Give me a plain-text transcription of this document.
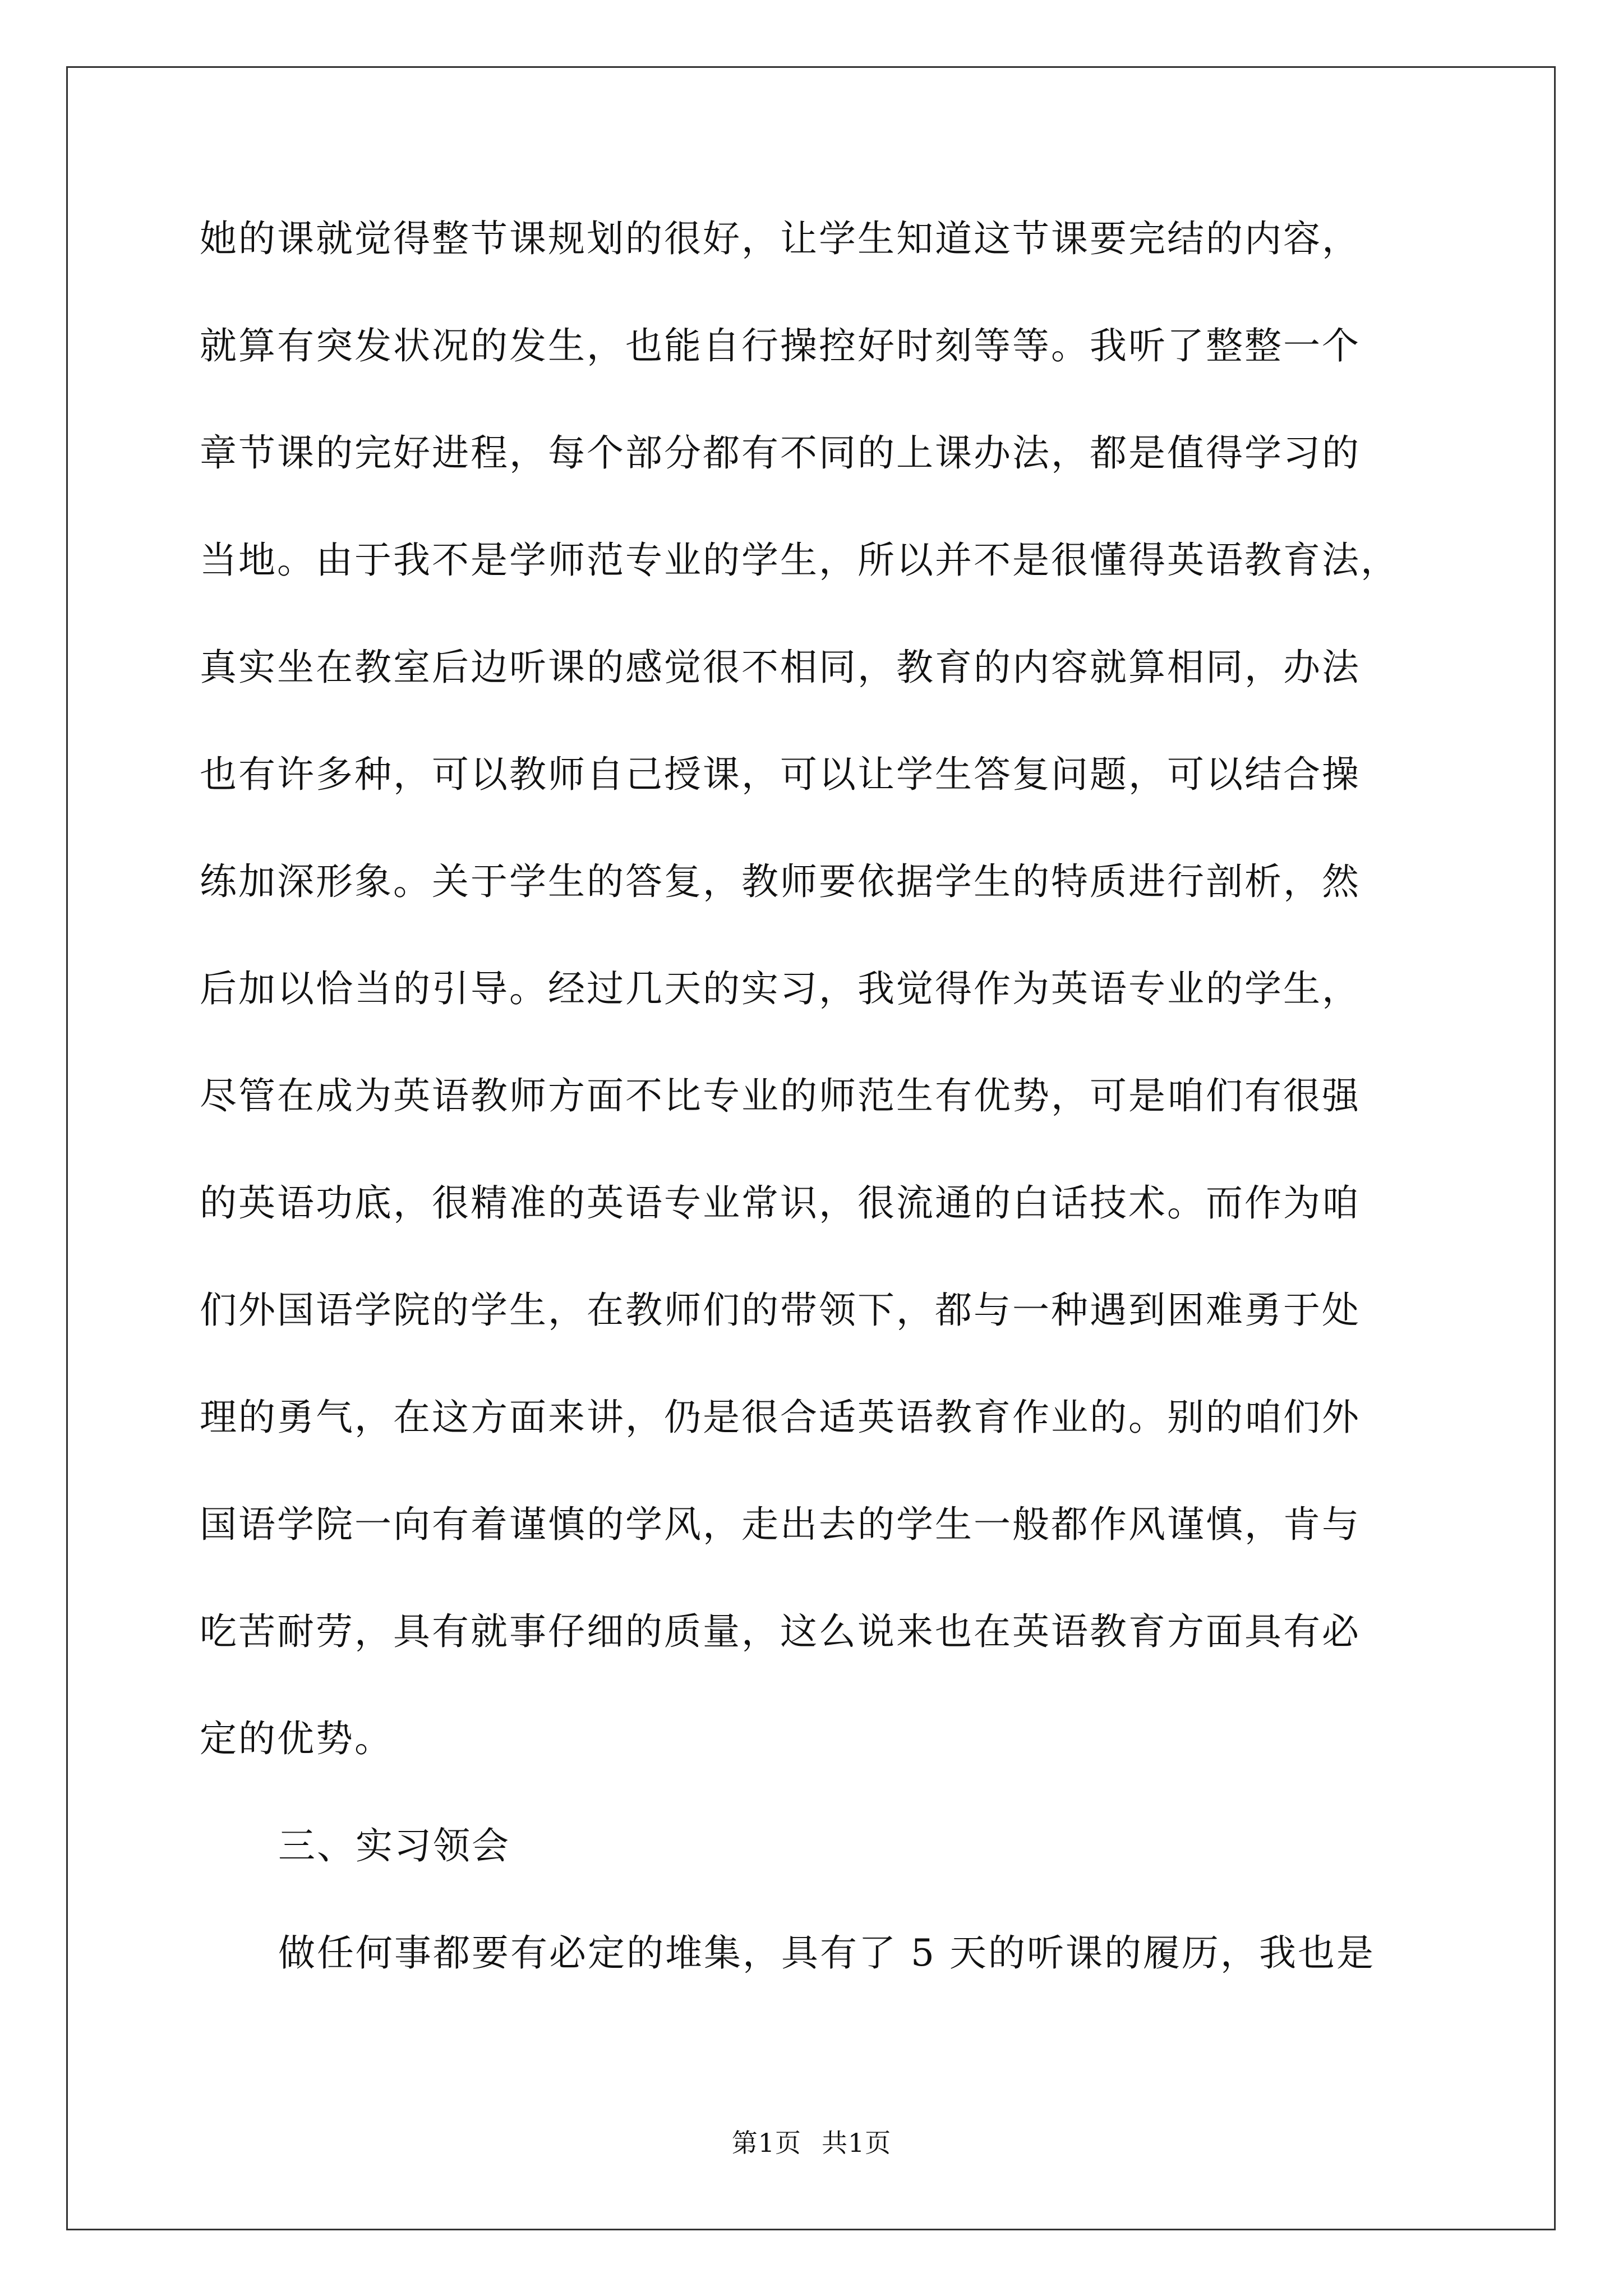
她的课就觉得整节课规划的很好，让学生知道这节课要完结的内容，
就算有突发状况的发生，也能自行操控好时刻等等。我听了整整一个
章节课的完好进程，每个部分都有不同的上课办法，都是值得学习的
当地。由于我不是学师范专业的学生，所以并不是很懂得英语教育法，
真实坐在教室后边听课的感觉很不相同，教育的内容就算相同，办法
也有许多种，可以教师自己授课，可以让学生答复问题，可以结合操
练加深形象。关于学生的答复，教师要依据学生的特质进行剖析，然
后加以恰当的引导。经过几天的实习，我觉得作为英语专业的学生，
尽管在成为英语教师方面不比专业的师范生有优势，可是咱们有很强
的英语功底，很精准的英语专业常识，很流通的白话技术。而作为咱
们外国语学院的学生，在教师们的带领下，都与一种遇到困难勇于处
理的勇气，在这方面来讲，仍是很合适英语教育作业的。别的咱们外
国语学院一向有着谨慎的学风，走出去的学生一般都作风谨慎，肯与
吃苦耐劳，具有就事仔细的质量，这么说来也在英语教育方面具有必
定的优势。
三、实习领会
做任何事都要有必定的堆集，具有了 5 天的听课的履历，我也是
第1页 共1页
